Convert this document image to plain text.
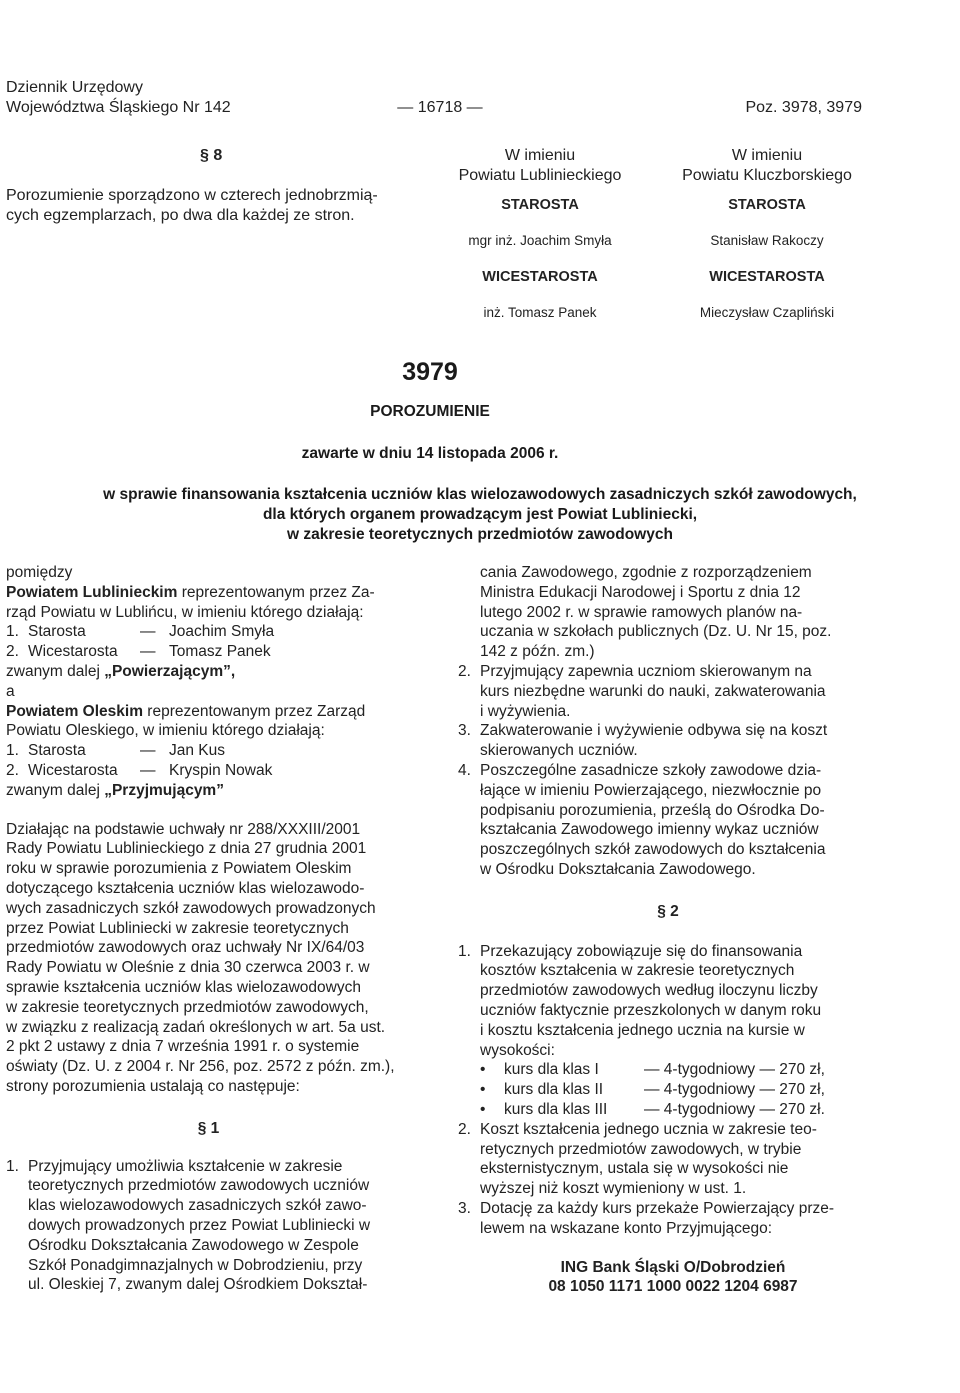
Dziennik Urzędowy
Województwa Śląskiego Nr 142	— 16718 —	Poz. 3978, 3979
§ 8
Porozumienie sporządzono w czterech jednobrzmią-
cych egzemplarzach, po dwa dla każdej ze stron.
W imieniu
Powiatu Lublinieckiego
STAROSTA
mgr inż. Joachim Smyła
WICESTAROSTA
inż. Tomasz Panek
W imieniu
Powiatu Kluczborskiego
STAROSTA
Stanisław Rakoczy
WICESTAROSTA
Mieczysław Czapliński
3979
POROZUMIENIE
zawarte w dniu 14 listopada 2006 r.
w sprawie finansowania kształcenia uczniów klas wielozawodowych zasadniczych szkół zawodowych,
dla których organem prowadzącym jest Powiat Lubliniecki,
w zakresie teoretycznych przedmiotów zawodowych
pomiędzy
Powiatem Lublinieckim reprezentowanym przez Za-
rząd Powiatu w Lublińcu, w imieniu którego działają:
1. Starosta	— Joachim Smyła
2. Wicestarosta — Tomasz Panek
zwanym dalej „Powierzającym”,
a
Powiatem Oleskim reprezentowanym przez Zarząd
Powiatu Oleskiego, w imieniu którego działają:
1. Starosta	— Jan Kus
2. Wicestarosta — Kryspin Nowak
zwanym dalej „Przyjmującym”
Działając na podstawie uchwały nr 288/XXXIII/2001
Rady Powiatu Lublinieckiego z dnia 27 grudnia 2001
roku w sprawie porozumienia z Powiatem Oleskim
dotyczącego kształcenia uczniów klas wielozawodo-
wych zasadniczych szkół zawodowych prowadzonych
przez Powiat Lubliniecki w zakresie teoretycznych
przedmiotów zawodowych oraz uchwały Nr IX/64/03
Rady Powiatu w Oleśnie z dnia 30 czerwca 2003 r. w
sprawie kształcenia uczniów klas wielozawodowych
w zakresie teoretycznych przedmiotów zawodowych,
w związku z realizacją zadań określonych w art. 5a ust.
2 pkt 2 ustawy z dnia 7 września 1991 r. o systemie
oświaty (Dz. U. z 2004 r. Nr 256, poz. 2572 z późn. zm.),
strony porozumienia ustalają co następuje:
§ 1
1. Przyjmujący umożliwia kształcenie w zakresie
teoretycznych przedmiotów zawodowych uczniów
klas wielozawodowych zasadniczych szkół zawo-
dowych prowadzonych przez Powiat Lubliniecki w
Ośrodku Dokształcania Zawodowego w Zespole
Szkół Ponadgimnazjalnych w Dobrodzieniu, przy
ul. Oleskiej 7, zwanym dalej Ośrodkiem Dokształ-
cania Zawodowego, zgodnie z rozporządzeniem
Ministra Edukacji Narodowej i Sportu z dnia 12
lutego 2002 r. w sprawie ramowych planów na-
uczania w szkołach publicznych (Dz. U. Nr 15, poz.
142 z późn. zm.)
2. Przyjmujący zapewnia uczniom skierowanym na
kurs niezbędne warunki do nauki, zakwaterowania
i wyżywienia.
3. Zakwaterowanie i wyżywienie odbywa się na koszt
skierowanych uczniów.
4. Poszczególne zasadnicze szkoły zawodowe dzia-
łające w imieniu Powierzającego, niezwłocznie po
podpisaniu porozumienia, prześlą do Ośrodka Do-
kształcania Zawodowego imienny wykaz uczniów
poszczególnych szkół zawodowych do kształcenia
w Ośrodku Dokształcania Zawodowego.
§ 2
1. Przekazujący zobowiązuje się do finansowania
kosztów kształcenia w zakresie teoretycznych
przedmiotów zawodowych według iloczynu liczby
uczniów faktycznie przeszkolonych w danym roku
i kosztu kształcenia jednego ucznia na kursie w
wysokości:
• kurs dla klas I	— 4-tygodniowy — 270 zł,
• kurs dla klas II	— 4-tygodniowy — 270 zł,
• kurs dla klas III — 4-tygodniowy — 270 zł.
2. Koszt kształcenia jednego ucznia w zakresie teo-
retycznych przedmiotów zawodowych, w trybie
eksternistycznym, ustala się w wysokości nie
wyższej niż koszt wymieniony w ust. 1.
3. Dotację za każdy kurs przekaże Powierzający prze-
lewem na wskazane konto Przyjmującego:
ING Bank Śląski O/Dobrodzień
08 1050 1171 1000 0022 1204 6987
